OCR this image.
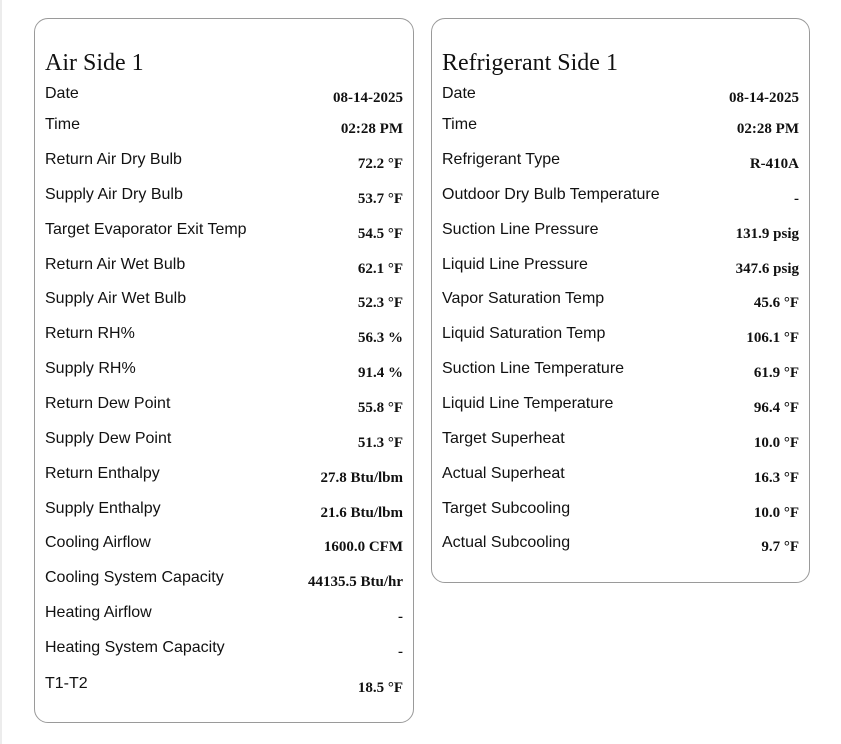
Air Side 1
Date	08-14-2025
Time	02:28 PM
Return Air Dry Bulb	72.2 °F
Supply Air Dry Bulb	53.7 °F
Target Evaporator Exit Temp	54.5 °F
Return Air Wet Bulb	62.1 °F
Supply Air Wet Bulb	52.3 °F
Return RH%	56.3 %
Supply RH%	91.4 %
Return Dew Point	55.8 °F
Supply Dew Point	51.3 °F
Return Enthalpy	27.8 Btu/lbm
Supply Enthalpy	21.6 Btu/lbm
Cooling Airflow	1600.0 CFM
Cooling System Capacity	44135.5 Btu/hr
Heating Airflow	-
Heating System Capacity	-
T1-T2	18.5 °F
Refrigerant Side 1
Date	08-14-2025
Time	02:28 PM
Refrigerant Type	R-410A
Outdoor Dry Bulb Temperature	-
Suction Line Pressure	131.9 psig
Liquid Line Pressure	347.6 psig
Vapor Saturation Temp	45.6 °F
Liquid Saturation Temp	106.1 °F
Suction Line Temperature	61.9 °F
Liquid Line Temperature	96.4 °F
Target Superheat	10.0 °F
Actual Superheat	16.3 °F
Target Subcooling	10.0 °F
Actual Subcooling	9.7 °F
